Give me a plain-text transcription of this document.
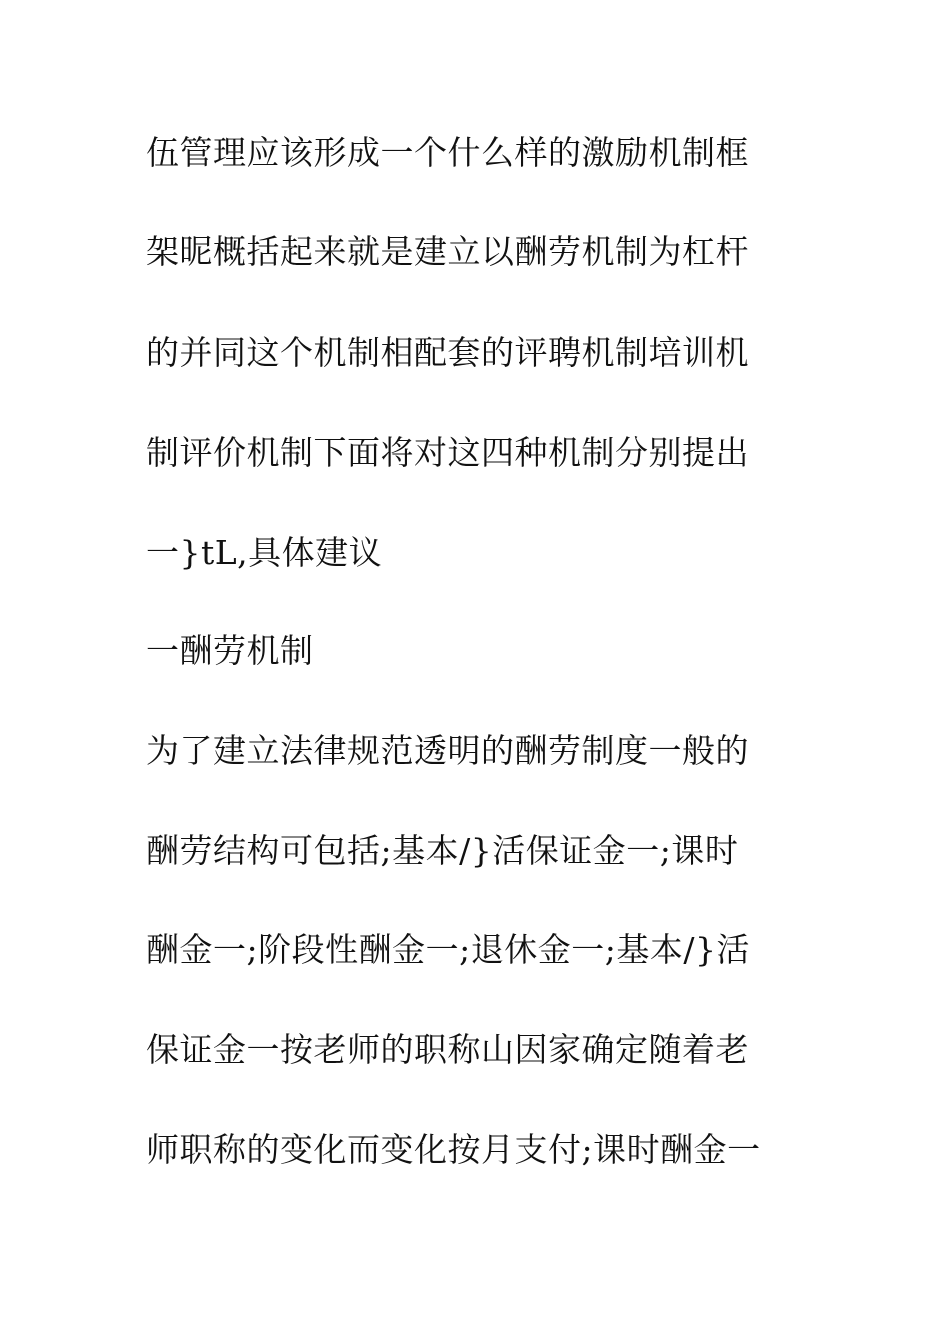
伍管理应该形成一个什么样的激励机制框

架昵概括起来就是建立以酬劳机制为杠杆

的并同这个机制相配套的评聘机制培训机

制评价机制下面将对这四种机制分别提出

一}tL,具体建议

一酬劳机制

为了建立法律规范透明的酬劳制度一般的

酬劳结构可包括;基本/}活保证金一;课时

酬金一;阶段性酬金一;退休金一;基本/}活

保证金一按老师的职称山因家确定随着老

师职称的变化而变化按月支付;课时酬金一
